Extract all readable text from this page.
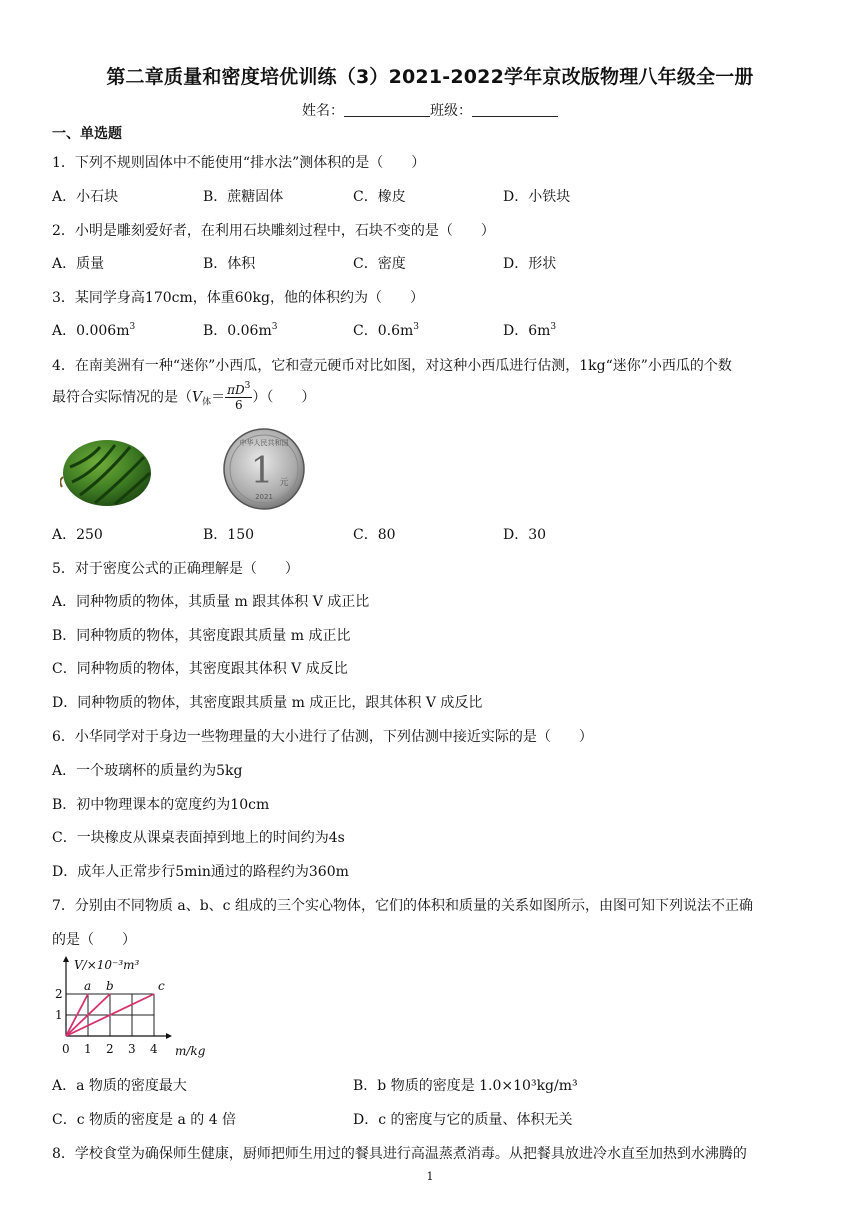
第二章质量和密度培优训练（3）2021-2022学年京改版物理八年级全一册
姓名：	班级：
一、单选题
1．下列不规则固体中不能使用“排水法”测体积的是（　　）
A．小石块	B．蔗糖固体	C．橡皮	D．小铁块
2．小明是雕刻爱好者，在利用石块雕刻过程中，石块不变的是（　　）
A．质量	B．体积	C．密度	D．形状
3．某同学身高170cm，体重60kg，他的体积约为（　　）
A．$0.006m^3$	B．$0.06m^3$	C．$0.6m^3$	D．$6m^3$
4．在南美洲有一种“迷你”小西瓜，它和壹元硬币对比如图，对这种小西瓜进行估测，1kg“迷你”小西瓜的个数
最符合实际情况的是（$V_体= \frac{\pi D^3}{6}$ ）（　　）
中华人民共和国
1 元
2021
A．250	B．150	C．80	D．30
5．对于密度公式的正确理解是（　　）
A．同种物质的物体，其质量 m 跟其体积 V 成正比
B．同种物质的物体，其密度跟其质量 m 成正比
C．同种物质的物体，其密度跟其体积 V 成反比
D．同种物质的物体，其密度跟其质量 m 成正比，跟其体积 V 成反比
6．小华同学对于身边一些物理量的大小进行了估测，下列估测中接近实际的是（　　）
A．一个玻璃杯的质量约为5kg
B．初中物理课本的宽度约为10cm
C．一块橡皮从课桌表面掉到地上的时间约为4s
D．成年人正常步行5min通过的路程约为360m
7．分别由不同物质 a、b、c 组成的三个实心物体，它们的体积和质量的关系如图所示，由图可知下列说法不正确
的是（　　）
a b	c
0 1 2 3 4
1
2
V/×10⁻³m³
m/kg
A．a 物质的密度最大	B．b 物质的密度是 1.0×10³kg/m³
C．c 物质的密度是 a 的 4 倍	D．c 的密度与它的质量、体积无关
8．学校食堂为确保师生健康，厨师把师生用过的餐具进行高温蒸煮消毒。从把餐具放进冷水直至加热到水沸腾的
1
